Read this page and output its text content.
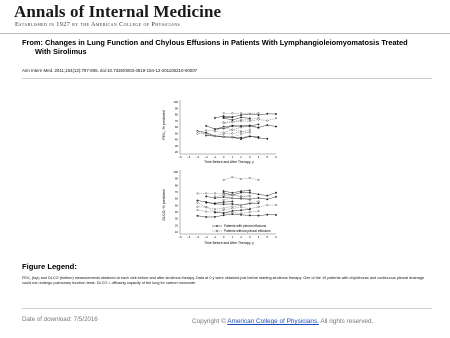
Annals of Internal Medicine
Established in 1927 by the American College of Physicians
From: Changes in Lung Function and Chylous Effusions in Patients With Lymphangioleiomyomatosis Treated
With Sirolimus
Ann Intern Med. 2011;154(12):797-805. doi:10.7326/0003-4819-154-12-201106210-00007
FEV₁, % predicted
100
90
80
70
60
50
40
30
20
−5 −4 −3 −2 −1 0	1	2	3	4	5	6
Time Before and After Therapy, y
DLCO, % predicted
100
90
80
70
60
50
40
30
20
10
−5 −4 −3 −2 −1 0	1	2	3	4	5	6
Time Before and After Therapy, y
Patients with pleural effusions
Patients without pleural effusions
Figure Legend:
FEV₁ (top) and DLCO (bottom) measurements obtained at each visit before and after sirolimus therapy. Data at 0 y were obtained just before starting sirolimus therapy. One of the 19 patients with chylothorax and continuous pleural drainage could not undergo pulmonary function tests. DLCO = diffusing capacity of the lung for carbon monoxide.
Date of download: 7/5/2016	Copyright © American College of Physicians. All rights reserved.
